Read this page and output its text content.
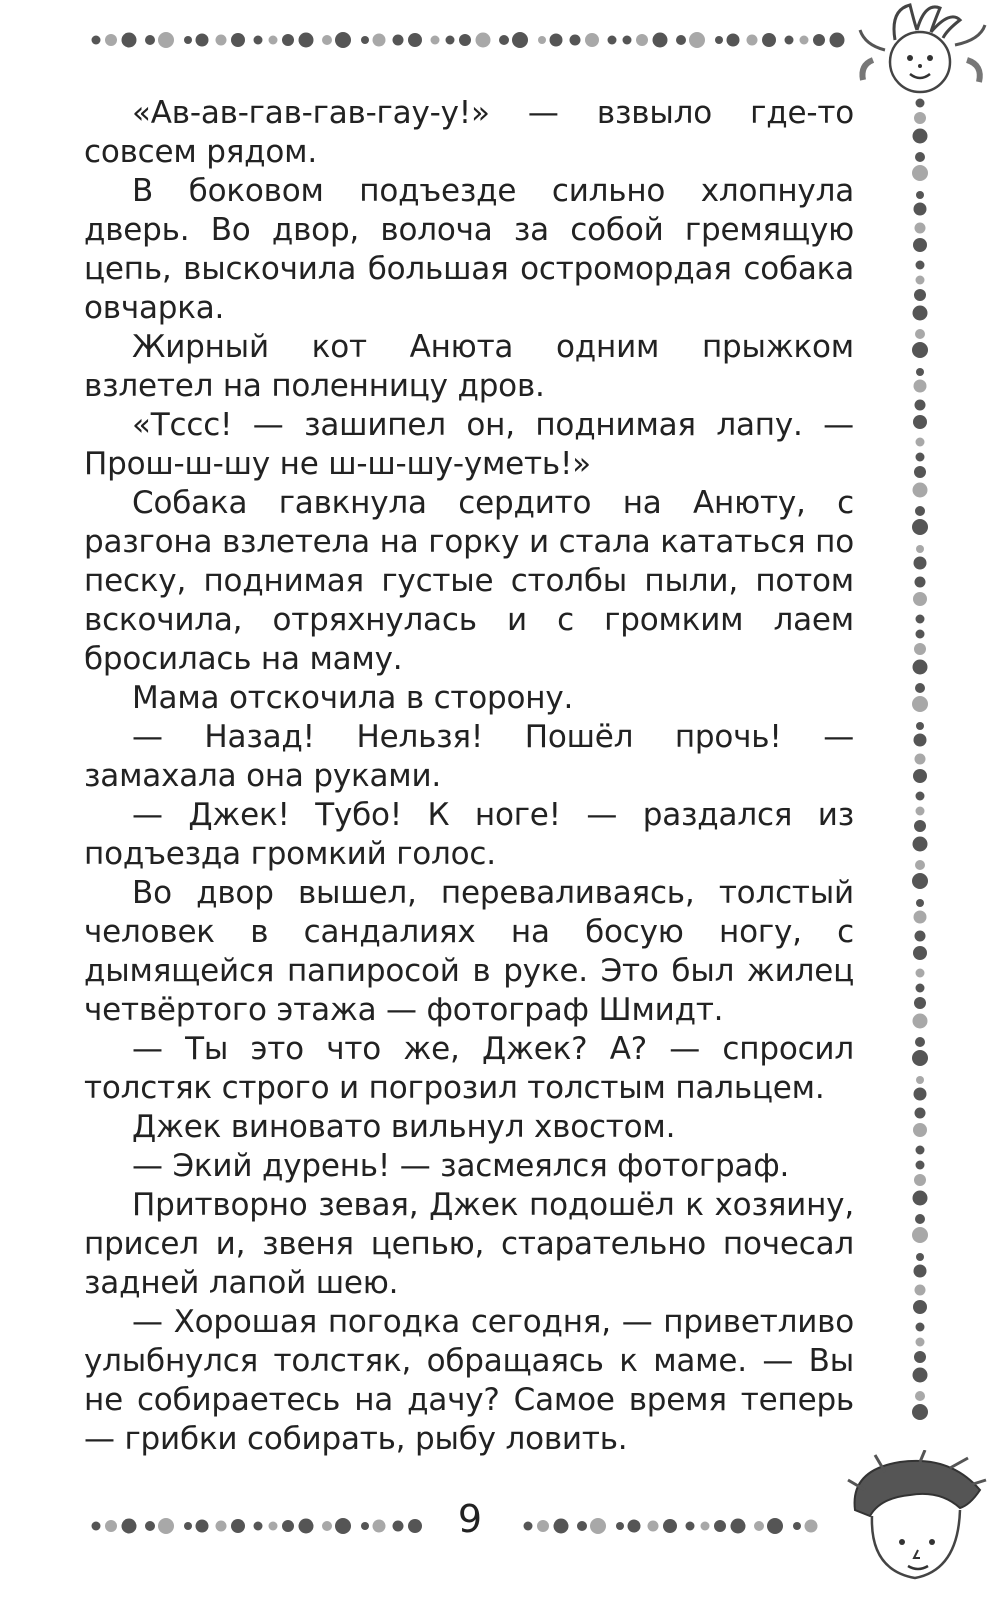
«Ав-ав-гав-гав-гау-у!» — взвыло где-то совсем рядом.

В боковом подъезде сильно хлопнула дверь. Во двор, волоча за собой гремящую цепь, выскочила большая остромордая собака овчарка.

Жирный кот Анюта одним прыжком взлетел на поленницу дров.

«Тссс! — зашипел он, поднимая лапу. — Прош-ш-шу не ш-ш-шу-уметь!»

Собака гавкнула сердито на Анюту, с разгона взлетела на горку и стала кататься по песку, поднимая густые столбы пыли, потом вскочила, отряхнулась и с громким лаем бросилась на маму.

Мама отскочила в сторону.

— Назад! Нельзя! Пошёл прочь! — замахала она руками.

— Джек! Тубо! К ноге! — раздался из подъезда громкий голос.

Во двор вышел, переваливаясь, толстый человек в сандалиях на босую ногу, с дымящейся папиросой в руке. Это был жилец четвёртого этажа — фотограф Шмидт.

— Ты это что же, Джек? А? — спросил толстяк строго и погрозил толстым пальцем.

Джек виновато вильнул хвостом.

— Экий дурень! — засмеялся фотограф.

Притворно зевая, Джек подошёл к хозяину, присел и, звеня цепью, старательно почесал задней лапой шею.

— Хорошая погодка сегодня, — приветливо улыбнулся толстяк, обращаясь к маме. — Вы не собираетесь на дачу? Самое время теперь — грибки собирать, рыбу ловить.

9
